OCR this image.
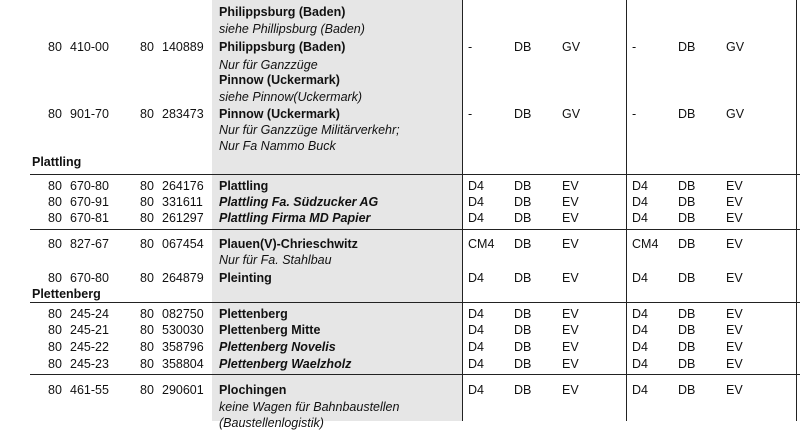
Plattling
Plettenberg
Philippsburg (Baden)
siehe Phillipsburg (Baden)
80 410-00 80 140889 Philippsburg (Baden)	-	DB GV	-	DB GV
Nur für Ganzzüge
Pinnow (Uckermark)
siehe Pinnow(Uckermark)
80 901-70 80 283473 Pinnow (Uckermark)	-	DB GV	-	DB GV
Nur für Ganzzüge Militärverkehr;
Nur Fa Nammo Buck
80 670-80 80 264176 Plattling	D4 DB EV	D4 DB EV
80 670-91 80 331611 Plattling Fa. Südzucker AG	D4 DB EV	D4 DB EV
80 670-81 80 261297 Plattling Firma MD Papier	D4 DB EV	D4 DB EV
80 827-67 80 067454 Plauen(V)-Chrieschwitz	CM4 DB EV	CM4 DB EV
Nur für Fa. Stahlbau
80 670-80 80 264879 Pleinting	D4 DB EV	D4 DB EV
80 245-24 80 082750 Plettenberg	D4 DB EV	D4 DB EV
80 245-21 80 530030 Plettenberg Mitte	D4 DB EV	D4 DB EV
80 245-22 80 358796 Plettenberg Novelis	D4 DB EV	D4 DB EV
80 245-23 80 358804 Plettenberg Waelzholz	D4 DB EV	D4 DB EV
80 461-55 80 290601 Plochingen	D4 DB EV	D4 DB EV
keine Wagen für Bahnbaustellen
(Baustellenlogistik)
